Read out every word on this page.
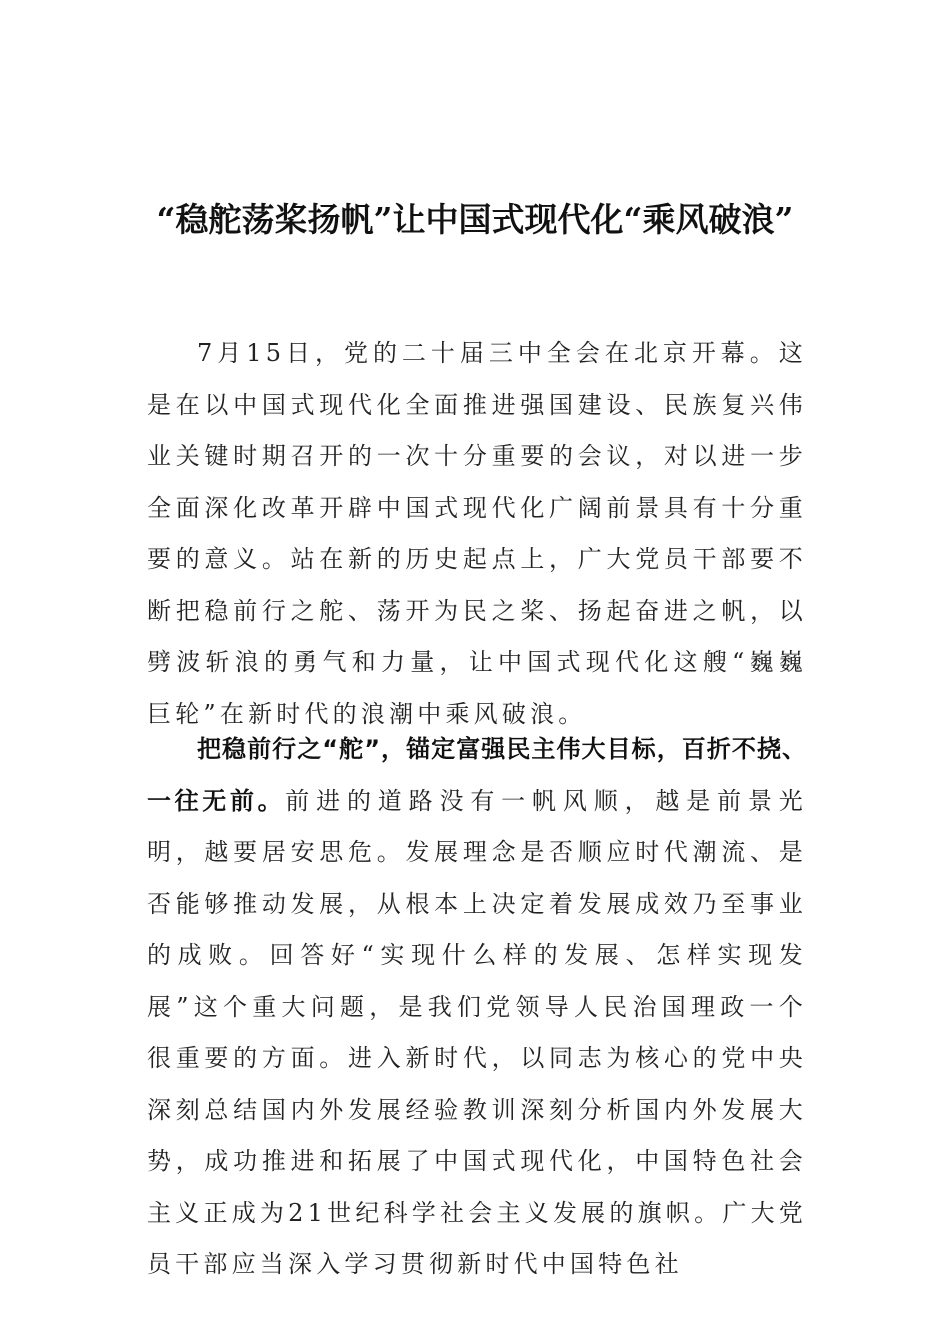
“稳舵荡桨扬帆”让中国式现代化“乘风破浪”

7月15日，党的二十届三中全会在北京开幕。这是在以中国式现代化全面推进强国建设、民族复兴伟业关键时期召开的一次十分重要的会议，对以进一步全面深化改革开辟中国式现代化广阔前景具有十分重要的意义。站在新的历史起点上，广大党员干部要不断把稳前行之舵、荡开为民之桨、扬起奋进之帆，以劈波斩浪的勇气和力量，让中国式现代化这艘“巍巍巨轮”在新时代的浪潮中乘风破浪。

把稳前行之“舵”，锚定富强民主伟大目标，百折不挠、一往无前。前进的道路没有一帆风顺，越是前景光明，越要居安思危。发展理念是否顺应时代潮流、是否能够推动发展，从根本上决定着发展成效乃至事业的成败。回答好“实现什么样的发展、怎样实现发展”这个重大问题，是我们党领导人民治国理政一个很重要的方面。进入新时代，以同志为核心的党中央深刻总结国内外发展经验教训深刻分析国内外发展大势，成功推进和拓展了中国式现代化，中国特色社会主义正成为21世纪科学社会主义发展的旗帜。广大党员干部应当深入学习贯彻新时代中国特色社
